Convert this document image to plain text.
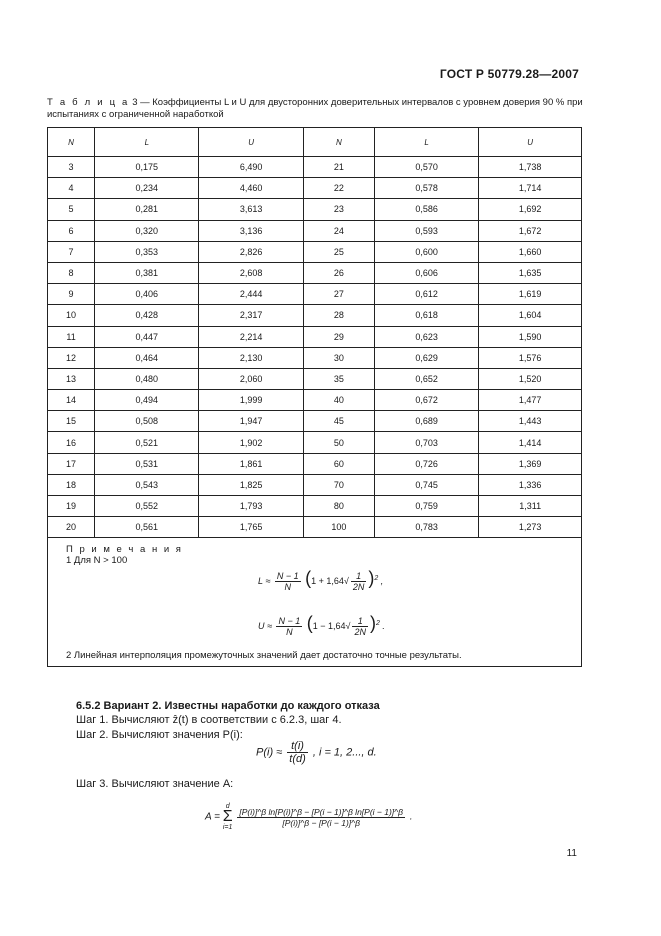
ГОСТ Р 50779.28—2007
Т а б л и ц а 3 — Коэффициенты L и U для двусторонних доверительных интервалов с уровнем доверия 90 % при испытаниях с ограниченной наработкой
N	L	U	N	L	U
3	0,175	6,490	21	0,570	1,738
4	0,234	4,460	22	0,578	1,714
5	0,281	3,613	23	0,586	1,692
6	0,320	3,136	24	0,593	1,672
7	0,353	2,826	25	0,600	1,660
8	0,381	2,608	26	0,606	1,635
9	0,406	2,444	27	0,612	1,619
10	0,428	2,317	28	0,618	1,604
11	0,447	2,214	29	0,623	1,590
12	0,464	2,130	30	0,629	1,576
13	0,480	2,060	35	0,652	1,520
14	0,494	1,999	40	0,672	1,477
15	0,508	1,947	45	0,689	1,443
16	0,521	1,902	50	0,703	1,414
17	0,531	1,861	60	0,726	1,369
18	0,543	1,825	70	0,745	1,336
19	0,552	1,793	80	0,759	1,311
20	0,561	1,765	100	0,783	1,273
П р и м е ч а н и я
1 Для N > 100
$L \approx \frac{N - 1}{N} (1 + 1,64√ \frac{1}{2N} )^2$ ,
$U \approx \frac{N - 1}{N} (1 - 1,64√ \frac{1}{2N} )^2$ .
2 Линейная интерполяция промежуточных значений дает достаточно точные результаты.
6.5.2 Вариант 2. Известны наработки до каждого отказа
Шаг 1. Вычисляют ẑ(t) в соответствии с 6.2.3, шаг 4.
Шаг 2. Вычисляют значения P(i):
$P(i) \approx \frac{t(i)}{t(d)}$ , i = 1, 2..., d.
Шаг 3. Вычисляют значение A:
A =
d
Σ
i=1
$\frac{\text{[P(i)]\textasciicircum{}β ln[P(i)]\textasciicircum{}β − [P(i − 1)]\textasciicircum{}β ln[P(i − 1)]\textasciicircum{}β}}{[P(i)]\^{}\beta - [P(i - 1)]\^{}\beta}$ .
11
